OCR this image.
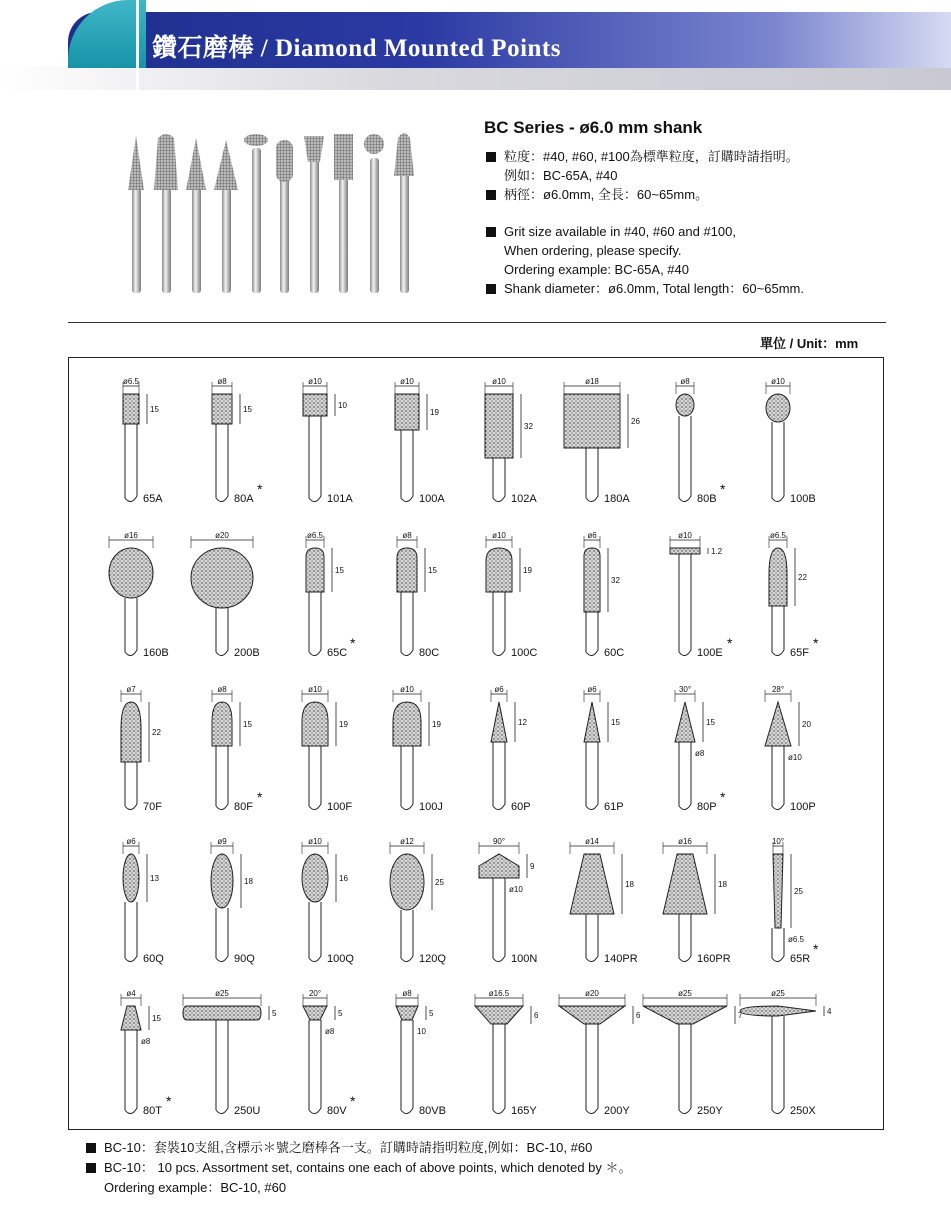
鑽石磨棒 / Diamond Mounted Points
BC Series - ø6.0 mm shank
粒度：#40, #60, #100為標準粒度，訂購時請指明。
例如：BC-65A, #40
柄徑：ø6.0mm, 全長：60~65mm。
Grit size available in #40, #60 and #100,
When ordering, please specify.
Ordering example: BC-65A, #40
Shank diameter：ø6.0mm, Total length：60~65mm.
單位 / Unit：mm
ø6.5
15
65A
ø8
15
80A
*
ø10
10
101A
ø10
19
100A
ø10
32
102A
ø18
26
180A
ø8
80B
*
ø10
100B
ø16
160B
ø20
200B
ø6.5
15
65C
*
ø8
15
80C
ø10
19
100C
ø6
32
60C
ø10
1.2
100E
*
ø6.5
22
65F
*
ø7
22
70F
ø8
15
80F
*
ø10
19
100F
ø10
19
100J
ø6
12
60P
ø6
15
61P
30°
15
ø8
80P
*
28°
20
ø10
100P
ø6
13
60Q
ø9
18
90Q
ø10
16
100Q
ø12
25
120Q
90°
9
ø10
100N
ø14
18
140PR
ø16
18
160PR
10°
25
ø6.5
65R
*
ø4
15
ø8
80T
*
ø25
5
250U
20°
5
ø8
80V
*
ø8
5
10
80VB
ø16.5
6
165Y
ø20
6
200Y
ø25
7
250Y
ø25
4
250X
BC-10：套裝10支組,含標示＊號之磨棒各一支。訂購時請指明粒度,例如：BC-10, #60
BC-10： 10 pcs. Assortment set, contains one each of above points, which denoted by ＊。
Ordering example：BC-10, #60
